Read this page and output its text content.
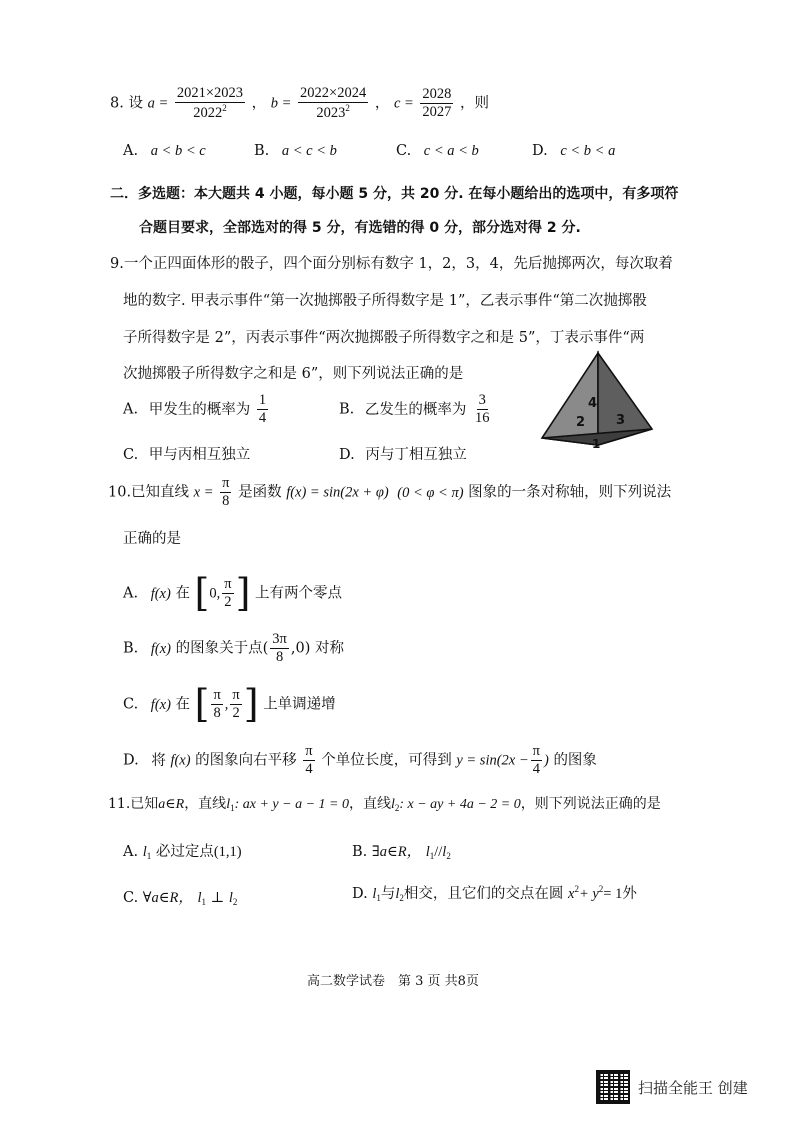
8. 设 $a = \frac{2021\times 2023}{2022^2}$ ， $b = \frac{2022\times 2024}{2023^2}$ ， $c = \frac{2028}{2027}$ ，则
A. a < b < c	B. a < c < b	C. c < a < b	D. c < b < a
二．多选题：本大题共 4 小题，每小题 5 分，共 20 分. 在每小题给出的选项中，有多项符
合题目要求，全部选对的得 5 分，有选错的得 0 分，部分选对得 2 分.
9.一个正四面体形的骰子，四个面分别标有数字 1，2，3，4，先后抛掷两次，每次取着
地的数字. 甲表示事件“第一次抛掷骰子所得数字是 1”，乙表示事件“第二次抛掷骰
子所得数字是 2”，丙表示事件“两次抛掷骰子所得数字之和是 5”，丁表示事件“两
次抛掷骰子所得数字之和是 6”，则下列说法正确的是
A. 甲发生的概率为 $\frac{1}{4}$	B. 乙发生的概率为 $\frac{3}{16}$
C. 甲与丙相互独立	D. 丙与丁相互独立
4
2 3
1
10.已知直线 $x = \frac{\pi}{8}$ 是函数 f(x) = sin(2x + φ) (0 < φ < π) 图象的一条对称轴，则下列说法
正确的是
A. f(x) 在 [0, $\frac{\pi}{2}$ ] 上有两个零点
B. f(x) 的图象关于点( $\frac{3\pi}{8} ,0$) 对称
C. f(x) 在 [ $\frac{\pi}{8}$ , $\frac{\pi}{2}$ ] 上单调递增
D. 将 f(x) 的图象向右平移 $\frac{\pi}{4}$ 个单位长度，可得到 $y = \sin(2x - \frac{\pi}{4}$ ) 的图象
11.已知a∈R，直线$l_1$: ax + y − a − 1 = 0，直线$l_2$: x − ay + 4a − 2 = 0，则下列说法正确的是
A. $l_1$ 必过定点(1,1)	B. ∃a∈R， $l_1//l_2$
C. ∀a∈R， $l_1$ ⊥ $l_2$	D. $l_1$与$l_2$相交，且它们的交点在圆 $x^2+ y^2= 1$外
高二数学试卷　第 3 页 共8页
扫描全能王 创建
